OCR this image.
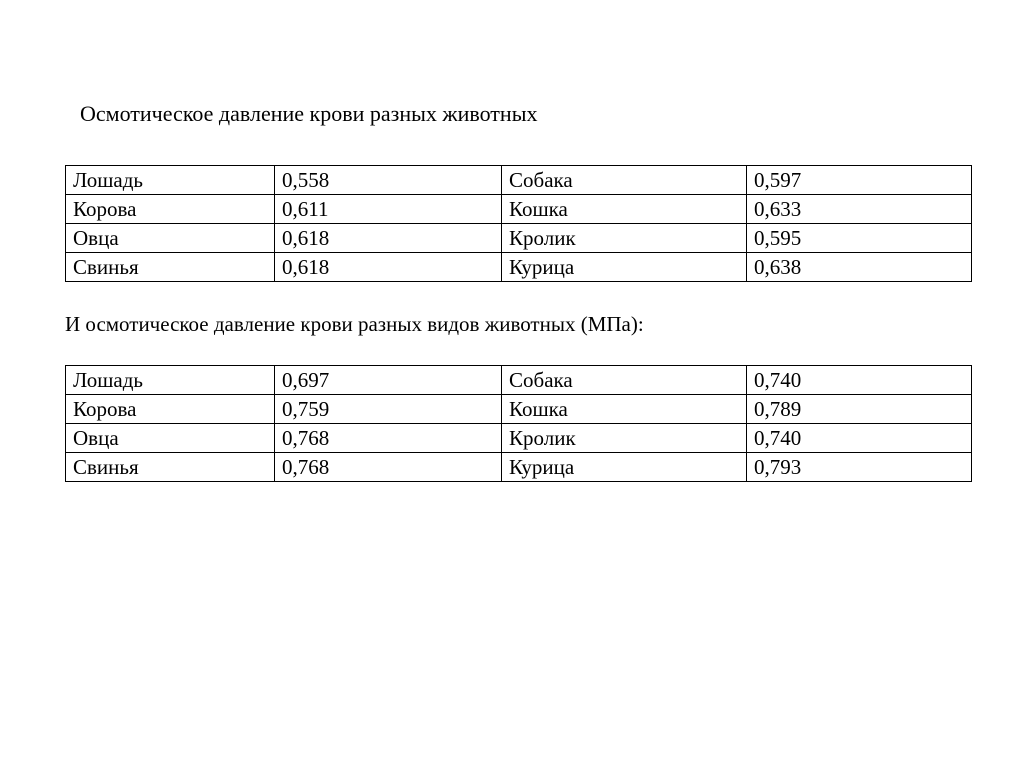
Осмотическое давление крови разных животных
Лошадь	0,558	Собака	0,597
Корова	0,611	Кошка	0,633
Овца	0,618	Кролик	0,595
Свинья	0,618	Курица	0,638
И осмотическое давление крови разных видов животных (МПа):
Лошадь	0,697	Собака	0,740
Корова	0,759	Кошка	0,789
Овца	0,768	Кролик	0,740
Свинья	0,768	Курица	0,793
